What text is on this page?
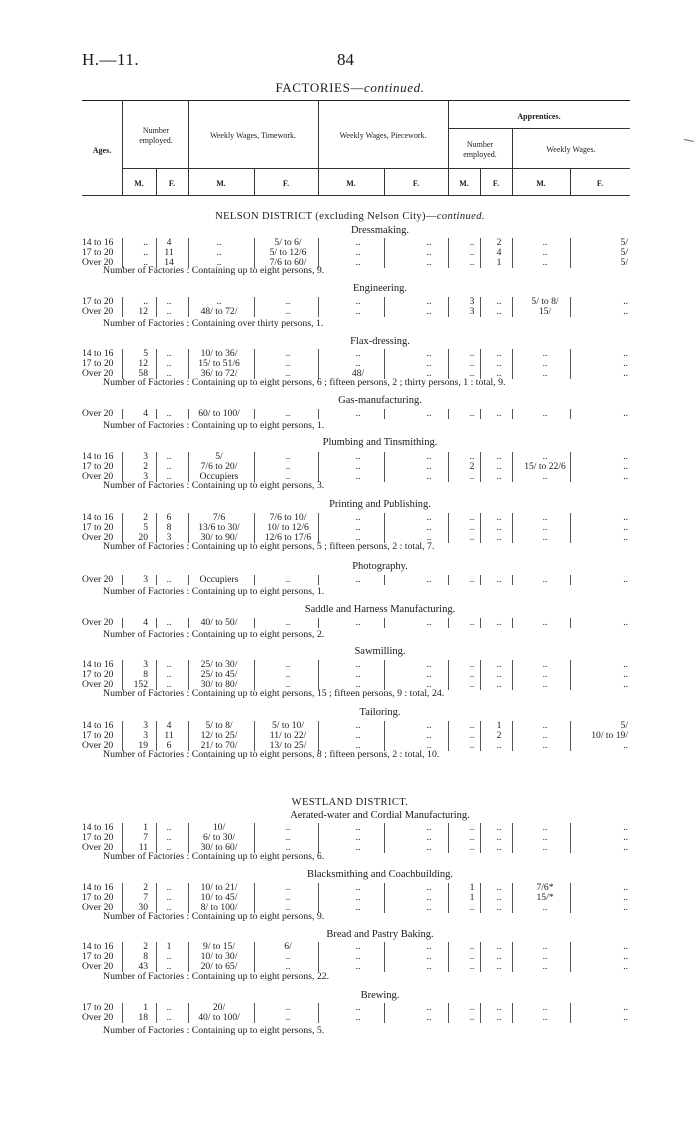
H.—11.	84
FACTORIES—continued.
Ages.
Number employed.
Weekly Wages, Timework.	Weekly Wages, Piecework.
Apprentices.
Number employed.
Weekly Wages.
M.	F.	M.	F.	M.	F.	M.	F.	M.	F.
NELSON DISTRICT (excluding Nelson City)—continued.
Dressmaking.
14 to 16	..	4	..	5/ to 6/	..	..	..	2	..	5/
17 to 20	..	11	..	5/ to 12/6	..	..	..	4	..	5/
Over 20	..	14	..	7/6 to 60/	..	..	..	1	..	5/
Number of Factories : Containing up to eight persons, 9.
Engineering.
17 to 20	..	..	..	..	..	..	3	..	5/ to 8/	..
Over 20	12	..	48/ to 72/	..	..	..	3	..	15/	..
Number of Factories : Containing over thirty persons, 1.
Flax-dressing.
14 to 16	5	..	10/ to 36/	..	..	..	..	..	..	..
17 to 20	12	..	15/ to 51/6	..	..	..	..	..	..	..
Over 20	58	..	36/ to 72/	..	48/	..	..	..	..	..
Number of Factories : Containing up to eight persons, 6 ; fifteen persons, 2 ; thirty persons, 1 : total, 9.
Gas-manufacturing.
Over 20	4	..	60/ to 100/	..	..	..	..	..	..	..
Number of Factories : Containing up to eight persons, 1.
Plumbing and Tinsmithing.
14 to 16	3	..	5/	..	..	..	..	..	..	..
17 to 20	2	..	7/6 to 20/	..	..	..	2	..	15/ to 22/6	..
Over 20	3	..	Occupiers	..	..	..	..	..	..	..
Number of Factories : Containing up to eight persons, 3.
Printing and Publishing.
14 to 16	2	6	7/6	7/6 to 10/	..	..	..	..	..	..
17 to 20	5	8	13/6 to 30/	10/ to 12/6	..	..	..	..	..	..
Over 20	20	3	30/ to 90/	12/6 to 17/6	..	..	..	..	..	..
Number of Factories : Containing up to eight persons, 5 ; fifteen persons, 2 : total, 7.
Photography.
Over 20	3	..	Occupiers	..	..	..	..	..	..	..
Number of Factories : Containing up to eight persons, 1.
Saddle and Harness Manufacturing.
Over 20	4	..	40/ to 50/	..	..	..	..	..	..	..
Number of Factories : Containing up to eight persons, 2.
Sawmilling.
14 to 16	3	..	25/ to 30/	..	..	..	..	..	..	..
17 to 20	8	..	25/ to 45/	..	..	..	..	..	..	..
Over 20	152	..	30/ to 80/	..	..	..	..	..	..	..
Number of Factories : Containing up to eight persons, 15 ; fifteen persons, 9 : total, 24.
Tailoring.
14 to 16	3	4	5/ to 8/	5/ to 10/	..	..	..	1	..	5/
17 to 20	3	11	12/ to 25/	11/ to 22/	..	..	..	2	..	10/ to 19/
Over 20	19	6	21/ to 70/	13/ to 25/	..	..	..	..	..	..
Number of Factories : Containing up to eight persons, 8 ; fifteen persons, 2 : total, 10.
WESTLAND DISTRICT.
Aerated-water and Cordial Manufacturing.
14 to 16	1	..	10/	..	..	..	..	..	..	..
17 to 20	7	..	6/ to 30/	..	..	..	..	..	..	..
Over 20	11	..	30/ to 60/	..	..	..	..	..	..	..
Number of Factories : Containing up to eight persons, 6.
Blacksmithing and Coachbuilding.
14 to 16	2	..	10/ to 21/	..	..	..	1	..	7/6*	..
17 to 20	7	..	10/ to 45/	..	..	..	1	..	15/*	..
Over 20	30	..	8/ to 100/	..	..	..	..	..	..	..
Number of Factories : Containing up to eight persons, 9.
Bread and Pastry Baking.
14 to 16	2	1	9/ to 15/	6/	..	..	..	..	..	..
17 to 20	8	..	10/ to 30/	..	..	..	..	..	..	..
Over 20	43	..	20/ to 65/	..	..	..	..	..	..	..
Number of Factories : Containing up to eight persons, 22.
Brewing.
17 to 20	1	..	20/	..	..	..	..	..	..	..
Over 20	18	..	40/ to 100/	..	..	..	..	..	..	..
Number of Factories : Containing up to eight persons, 5.
